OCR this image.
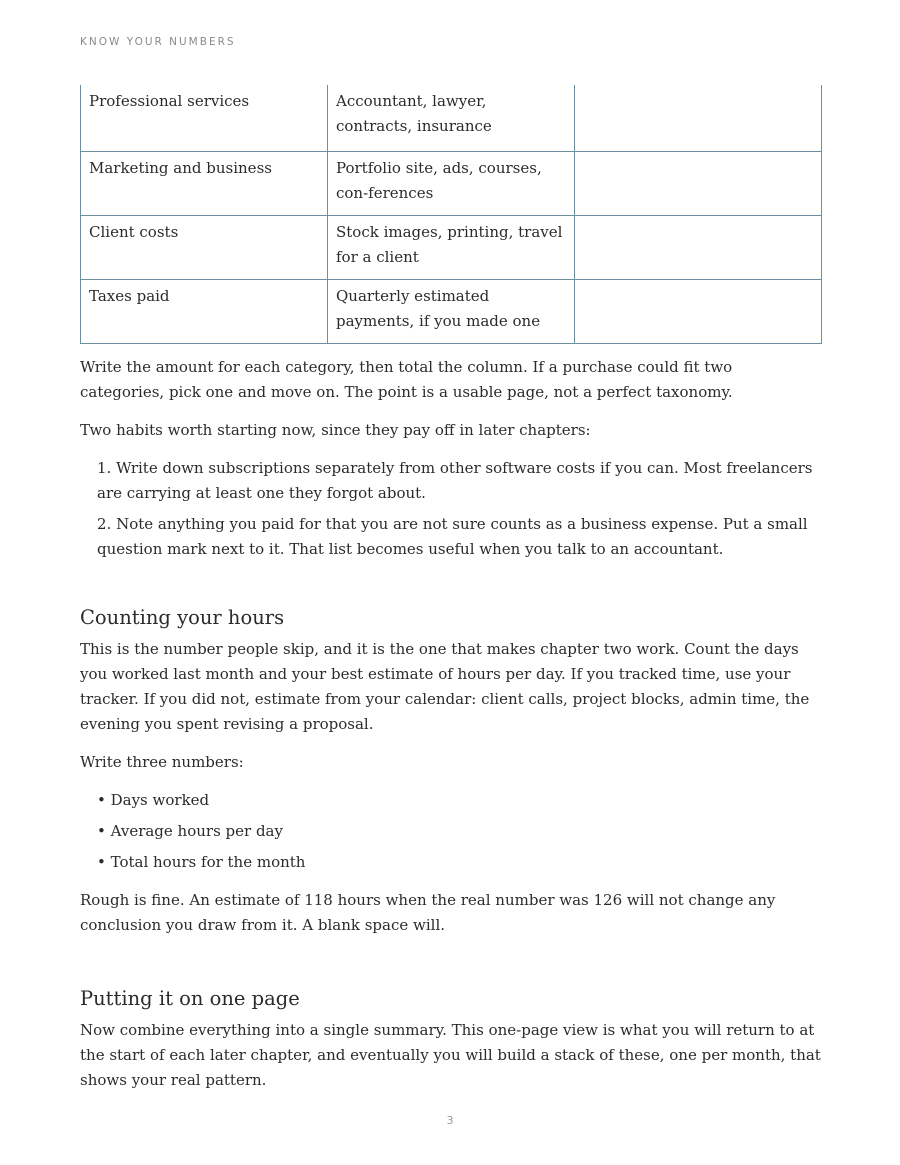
KNOW YOUR NUMBERS
Professional services	Accountant, lawyer, contracts, insurance	
Marketing and business	Portfolio site, ads, courses, con-ferences	
Client costs	Stock images, printing, travel for a client	
Taxes paid	Quarterly estimated payments, if you made one	

Write the amount for each category, then total the column. If a purchase could fit two categories, pick one and move on. The point is a usable page, not a perfect taxonomy.

Two habits worth starting now, since they pay off in later chapters:

1. Write down subscriptions separately from other software costs if you can. Most freelancers are carrying at least one they forgot about.
2. Note anything you paid for that you are not sure counts as a business expense. Put a small question mark next to it. That list becomes useful when you talk to an accountant.
Counting your hours

This is the number people skip, and it is the one that makes chapter two work. Count the days you worked last month and your best estimate of hours per day. If you tracked time, use your tracker. If you did not, estimate from your calendar: client calls, project blocks, admin time, the evening you spent revising a proposal.

Write three numbers:

• Days worked
• Average hours per day
• Total hours for the month

Rough is fine. An estimate of 118 hours when the real number was 126 will not change any conclusion you draw from it. A blank space will.

Putting it on one page

Now combine everything into a single summary. This one-page view is what you will return to at the start of each later chapter, and eventually you will build a stack of these, one per month, that shows your real pattern.

3
